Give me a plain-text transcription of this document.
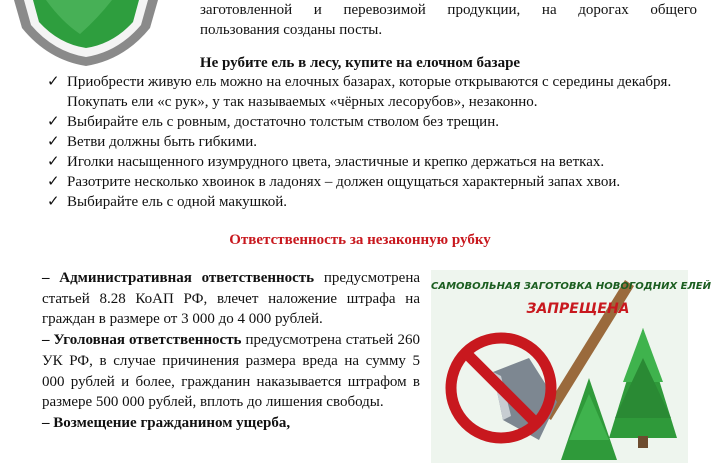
заготовленной и перевозимой продукции, на дорогах общего
пользования созданы посты.
Не рубите ель в лесу, купите на елочном базаре
✓ Приобрести живую ель можно на елочных базарах, которые открываются с середины декабря. Покупать ели «с рук», у так называемых «чёрных лесорубов», незаконно.
✓ Выбирайте ель с ровным, достаточно толстым стволом без трещин.
✓ Ветви должны быть гибкими.
✓ Иголки насыщенного изумрудного цвета, эластичные и крепко держаться на ветках.
✓ Разотрите несколько хвоинок в ладонях – должен ощущаться характерный запах хвои.
✓ Выбирайте ель с одной макушкой.
Ответственность за незаконную рубку

– Административная ответственность предусмотрена статьей 8.28 КоАП РФ, влечет наложение штрафа на граждан в размере от 3 000 до 4 000 рублей.

– Уголовная ответственность предусмотрена статьей 260 УК РФ, в случае причинения размера вреда на сумму 5 000 рублей и более, гражданин наказывается штрафом в размере 500 000 рублей, вплоть до лишения свободы.

– Возмещение гражданином ущерба,

САМОВОЛЬНАЯ ЗАГОТОВКА НОВОГОДНИХ ЕЛЕЙ
ЗАПРЕЩЕНА
